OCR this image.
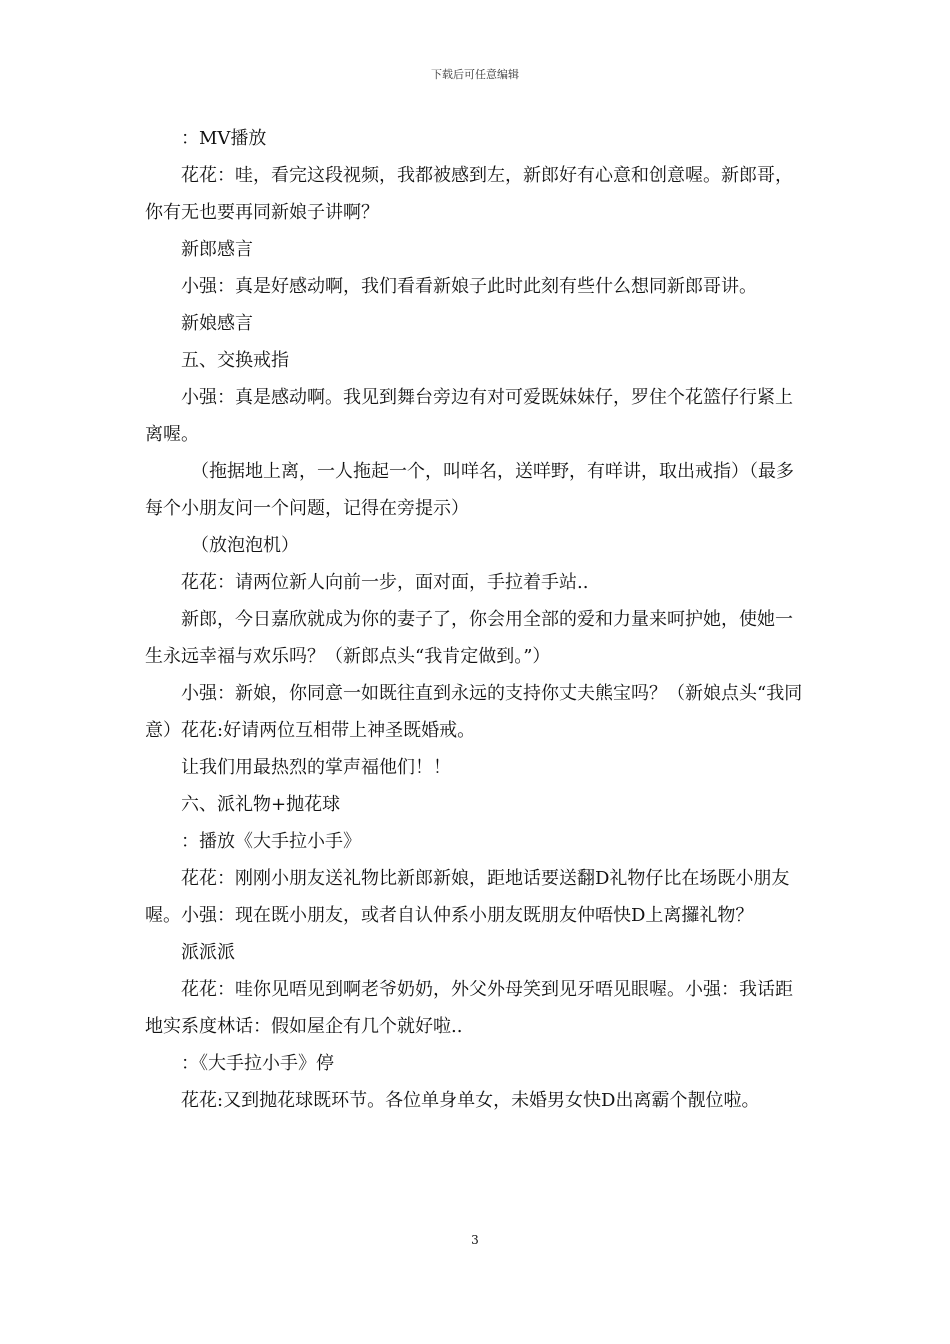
下载后可任意编辑

：MV播放

花花：哇，看完这段视频，我都被感到左，新郎好有心意和创意喔。新郎哥，你有无也要再同新娘子讲啊？

新郎感言

小强：真是好感动啊，我们看看新娘子此时此刻有些什么想同新郎哥讲。

新娘感言

五、交换戒指

小强：真是感动啊。我见到舞台旁边有对可爱既妹妹仔，罗住个花篮仔行紧上离喔。

（拖据地上离，一人拖起一个，叫咩名，送咩野，有咩讲，取出戒指）（最多每个小朋友问一个问题，记得在旁提示）

（放泡泡机）

花花：请两位新人向前一步，面对面，手拉着手站..

新郎，今日嘉欣就成为你的妻子了，你会用全部的爱和力量来呵护她，使她一生永远幸福与欢乐吗？（新郎点头“我肯定做到。”）

小强：新娘，你同意一如既往直到永远的支持你丈夫熊宝吗？（新娘点头“我同意）花花:好请两位互相带上神圣既婚戒。

让我们用最热烈的掌声福他们！！

六、派礼物+抛花球

：播放《大手拉小手》

花花：刚刚小朋友送礼物比新郎新娘，距地话要送翻D礼物仔比在场既小朋友喔。小强：现在既小朋友，或者自认仲系小朋友既朋友仲唔快D上离攞礼物？

派派派

花花：哇你见唔见到啊老爷奶奶，外父外母笑到见牙唔见眼喔。小强：我话距地实系度林话：假如屋企有几个就好啦..

：《大手拉小手》停

花花:又到抛花球既环节。各位单身单女，未婚男女快D出离霸个靓位啦。

3
